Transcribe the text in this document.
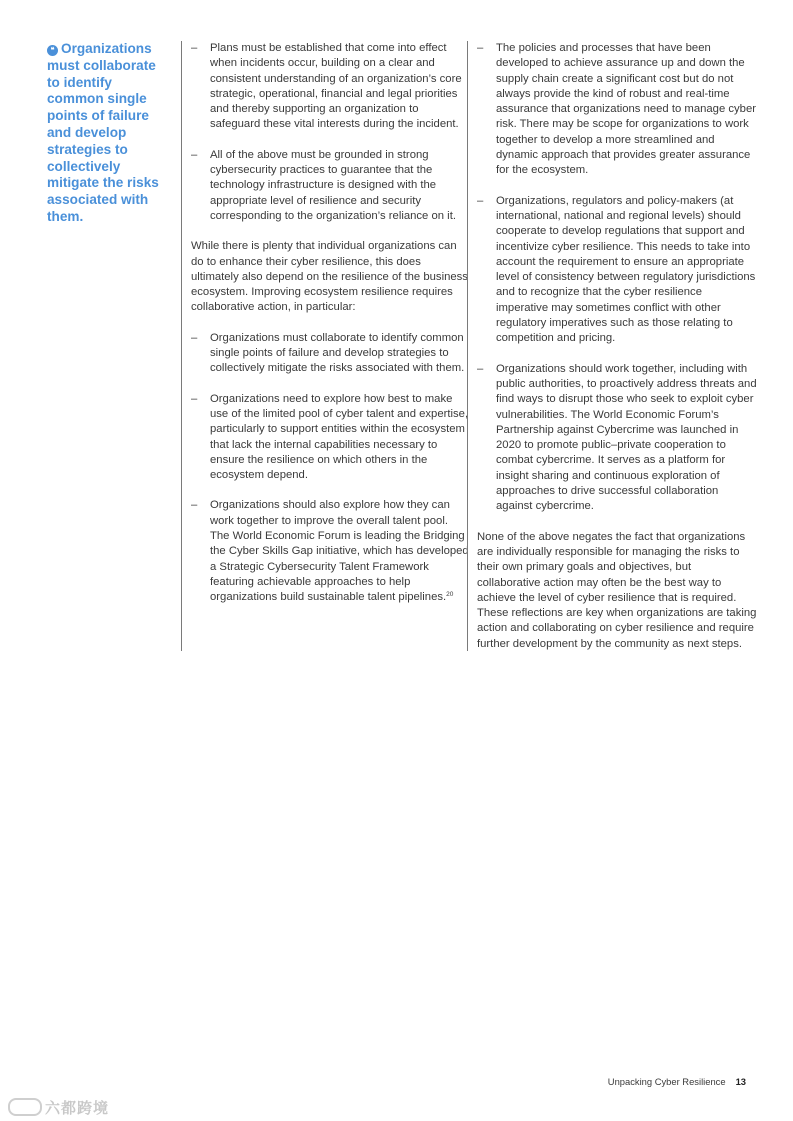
❝ Organizations must collaborate to identify common single points of failure and develop strategies to collectively mitigate the risks associated with them.
– Plans must be established that come into effect when incidents occur, building on a clear and consistent understanding of an organization’s core strategic, operational, financial and legal priorities and thereby supporting an organization to safeguard these vital interests during the incident.
– All of the above must be grounded in strong cybersecurity practices to guarantee that the technology infrastructure is designed with the appropriate level of resilience and security corresponding to the organization’s reliance on it.

While there is plenty that individual organizations can do to enhance their cyber resilience, this does ultimately also depend on the resilience of the business ecosystem. Improving ecosystem resilience requires collaborative action, in particular:

– Organizations must collaborate to identify common single points of failure and develop strategies to collectively mitigate the risks associated with them.
– Organizations need to explore how best to make use of the limited pool of cyber talent and expertise, particularly to support entities within the ecosystem that lack the internal capabilities necessary to ensure the resilience on which others in the ecosystem depend.
– Organizations should also explore how they can work together to improve the overall talent pool. The World Economic Forum is leading the Bridging the Cyber Skills Gap initiative, which has developed a Strategic Cybersecurity Talent Framework featuring achievable approaches to help organizations build sustainable talent pipelines.$^{20}$
– The policies and processes that have been developed to achieve assurance up and down the supply chain create a significant cost but do not always provide the kind of robust and real-time assurance that organizations need to manage cyber risk. There may be scope for organizations to work together to develop a more streamlined and dynamic approach that provides greater assurance for the ecosystem.
– Organizations, regulators and policy-makers (at international, national and regional levels) should cooperate to develop regulations that support and incentivize cyber resilience. This needs to take into account the requirement to ensure an appropriate level of consistency between regulatory jurisdictions and to recognize that the cyber resilience imperative may sometimes conflict with other regulatory imperatives such as those relating to competition and pricing.
– Organizations should work together, including with public authorities, to proactively address threats and find ways to disrupt those who seek to exploit cyber vulnerabilities. The World Economic Forum’s Partnership against Cybercrime was launched in 2020 to promote public–private cooperation to combat cybercrime. It serves as a platform for insight sharing and continuous exploration of approaches to drive successful collaboration against cybercrime.

None of the above negates the fact that organizations are individually responsible for managing the risks to their own primary goals and objectives, but collaborative action may often be the best way to achieve the level of cyber resilience that is required. These reflections are key when organizations are taking action and collaborating on cyber resilience and require further development by the community as next steps.

Unpacking Cyber Resilience 13
六都跨境
